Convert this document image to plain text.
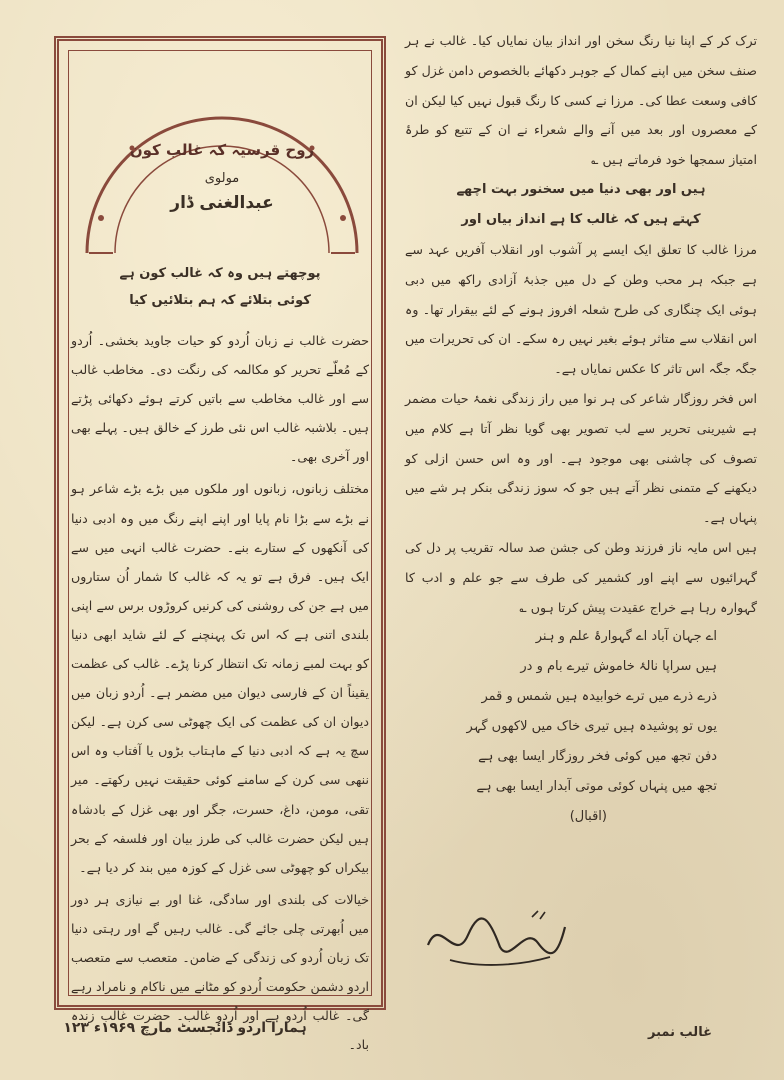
روح قرسیہ کہ غالب کون
مولوی
عبدالغنی ڈار
پوچھتے ہیں وہ کہ غالب کون ہے
کوئی بتلائے کہ ہم بتلائیں کیا

حضرت غالب نے زبان اُردو کو حیات جاوید بخشی۔ اُردو کے مُعلّے تحریر کو مکالمہ کی رنگت دی۔ مخاطب غالب سے اور غالب مخاطب سے باتیں کرتے ہوئے دکھائی پڑتے ہیں۔ بلاشبہ غالب اس نئی طرز کے خالق ہیں۔ پہلے بھی اور آخری بھی۔

مختلف زبانوں، زبانوں اور ملکوں میں بڑے بڑے شاعر ہو نے بڑے سے بڑا نام پایا اور اپنے اپنے رنگ میں وہ ادبی دنیا کی آنکھوں کے ستارے بنے۔ حضرت غالب انہی میں سے ایک ہیں۔ فرق ہے تو یہ کہ غالب کا شمار اُن ستاروں میں ہے جن کی روشنی کی کرنیں کروڑوں برس سے اپنی بلندی اتنی ہے کہ اس تک پہنچنے کے لئے شاید ابھی دنیا کو بہت لمبے زمانہ تک انتظار کرنا پڑے۔ غالب کی عظمت یقیناً ان کے فارسی دیوان میں مضمر ہے۔ اُردو زبان میں دیوان ان کی عظمت کی ایک چھوٹی سی کرن ہے۔ لیکن سچ یہ ہے کہ ادبی دنیا کے ماہتاب بڑوں یا آفتاب وہ اس ننھی سی کرن کے سامنے کوئی حقیقت نہیں رکھتے۔ میر تقی، مومن، داغ، حسرت، جگر اور بھی غزل کے بادشاہ ہیں لیکن حضرت غالب کی طرز بیان اور فلسفہ کے بحر بیکراں کو چھوٹی سی غزل کے کوزہ میں بند کر دیا ہے۔

خیالات کی بلندی اور سادگی، غنا اور بے نیازی ہر دور میں اُبھرتی چلی جائے گی۔ غالب رہیں گے اور رہتی دنیا تک زبان اُردو کی زندگی کے ضامن۔ متعصب سے متعصب اردو دشمن حکومت اُردو کو مٹانے میں ناکام و نامراد رہے گی۔ غالب اُردو ہے اور اُردو غالب۔ حضرت غالب زندہ باد۔

ترک کر کے اپنا نیا رنگ سخن اور انداز بیان نمایاں کیا۔ غالب نے ہر صنف سخن میں اپنے کمال کے جوہر دکھائے بالخصوص دامن غزل کو کافی وسعت عطا کی۔ مرزا نے کسی کا رنگ قبول نہیں کیا لیکن ان کے معصروں اور بعد میں آنے والے شعراء نے ان کے تتبع کو طرۂ امتیاز سمجھا خود فرماتے ہیں ؎

ہیں اور بھی دنیا میں سخنور بہت اچھے

کہتے ہیں کہ غالب کا ہے انداز بیاں اور

مرزا غالب کا تعلق ایک ایسے پر آشوب اور انقلاب آفریں عہد سے ہے جبکہ ہر محب وطن کے دل میں جذبۂ آزادی راکھ میں دبی ہوئی ایک چنگاری کی طرح شعلہ افروز ہونے کے لئے بیقرار تھا۔ وہ اس انقلاب سے متاثر ہوئے بغیر نہیں رہ سکے۔ ان کی تحریرات میں جگہ جگہ اس تاثر کا عکس نمایاں ہے۔

اس فخر روزگار شاعر کی ہر نوا میں راز زندگی نغمۂ حیات مضمر ہے شیرینی تحریر سے لب تصویر بھی گویا نظر آتا ہے کلام میں تصوف کی چاشنی بھی موجود ہے۔ اور وہ اس حسن ازلی کو دیکھنے کے متمنی نظر آتے ہیں جو کہ سوز زندگی بنکر ہر شے میں پنہاں ہے۔

ہیں اس مایہ ناز فرزند وطن کی جشن صد سالہ تقریب پر دل کی گہرائیوں سے اپنے اور کشمیر کی طرف سے جو علم و ادب کا گہوارہ رہا ہے خراج عقیدت پیش کرتا ہوں ؎

اے جہان آباد اے گہوارۂ علم و ہنر

ہیں سراپا نالۂ خاموش تیرے بام و در

ذرے ذرے میں ترے خوابیدہ ہیں شمس و قمر

یوں تو پوشیدہ ہیں تیری خاک میں لاکھوں گہر

دفن تجھ میں کوئی فخر روزگار ایسا بھی ہے

تجھ میں پنہاں کوئی موتی آبدار ایسا بھی ہے

(اقبال)

ہمارا اردو ڈائجسٹ مارچ ۱۹۶۹ء ۱۲۳	غالب نمبر
